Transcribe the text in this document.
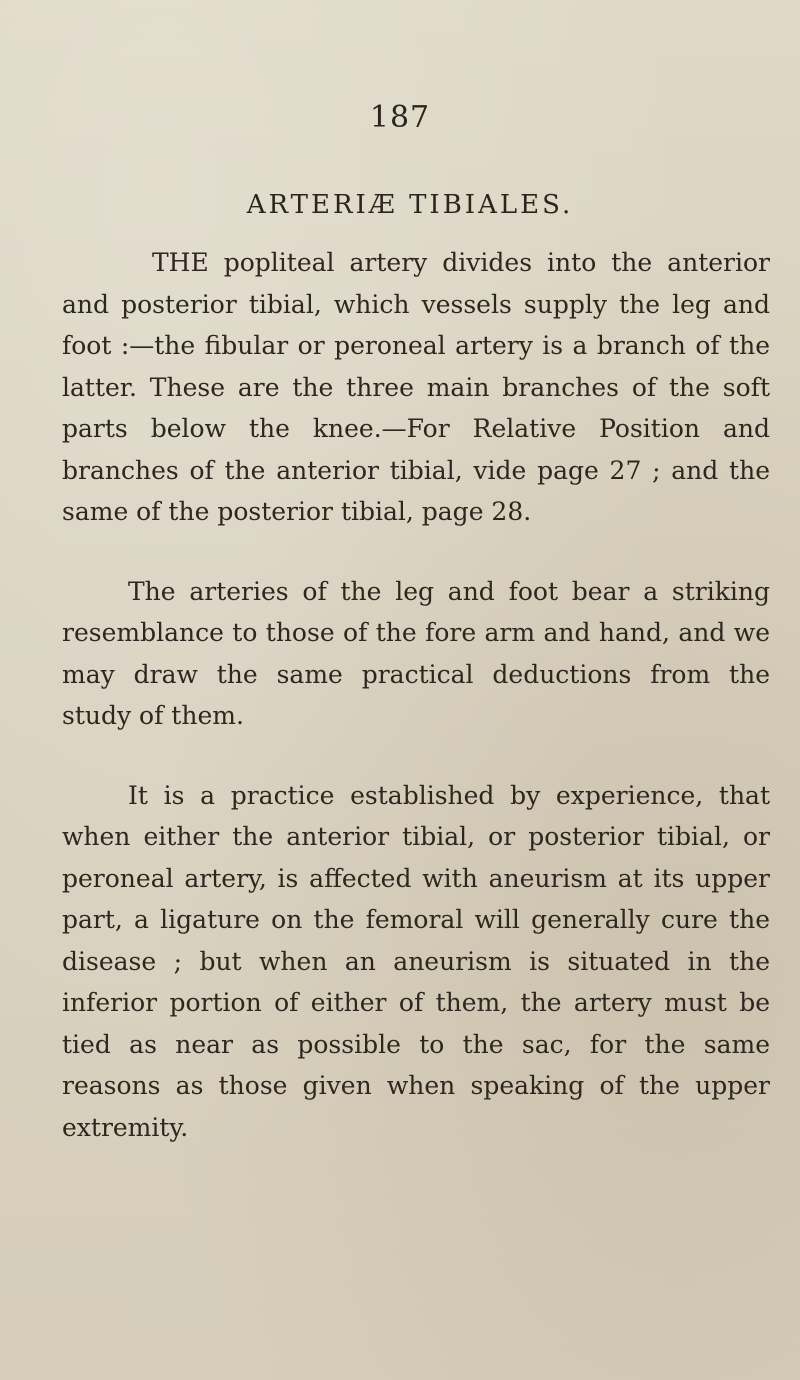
187
ARTERIÆ TIBIALES.

THE popliteal artery divides into the anterior and posterior tibial, which vessels supply the leg and foot :—the fibular or peroneal artery is a branch of the latter. These are the three main branches of the soft parts below the knee.—For Relative Position and branches of the anterior tibial, vide page 27 ; and the same of the posterior tibial, page 28.

The arteries of the leg and foot bear a striking resemblance to those of the fore arm and hand, and we may draw the same practical deductions from the study of them.

It is a practice established by experience, that when either the anterior tibial, or posterior tibial, or peroneal artery, is affected with aneurism at its upper part, a ligature on the femoral will generally cure the disease ; but when an aneurism is situated in the inferior portion of either of them, the artery must be tied as near as possible to the sac, for the same reasons as those given when speaking of the upper extremity.
